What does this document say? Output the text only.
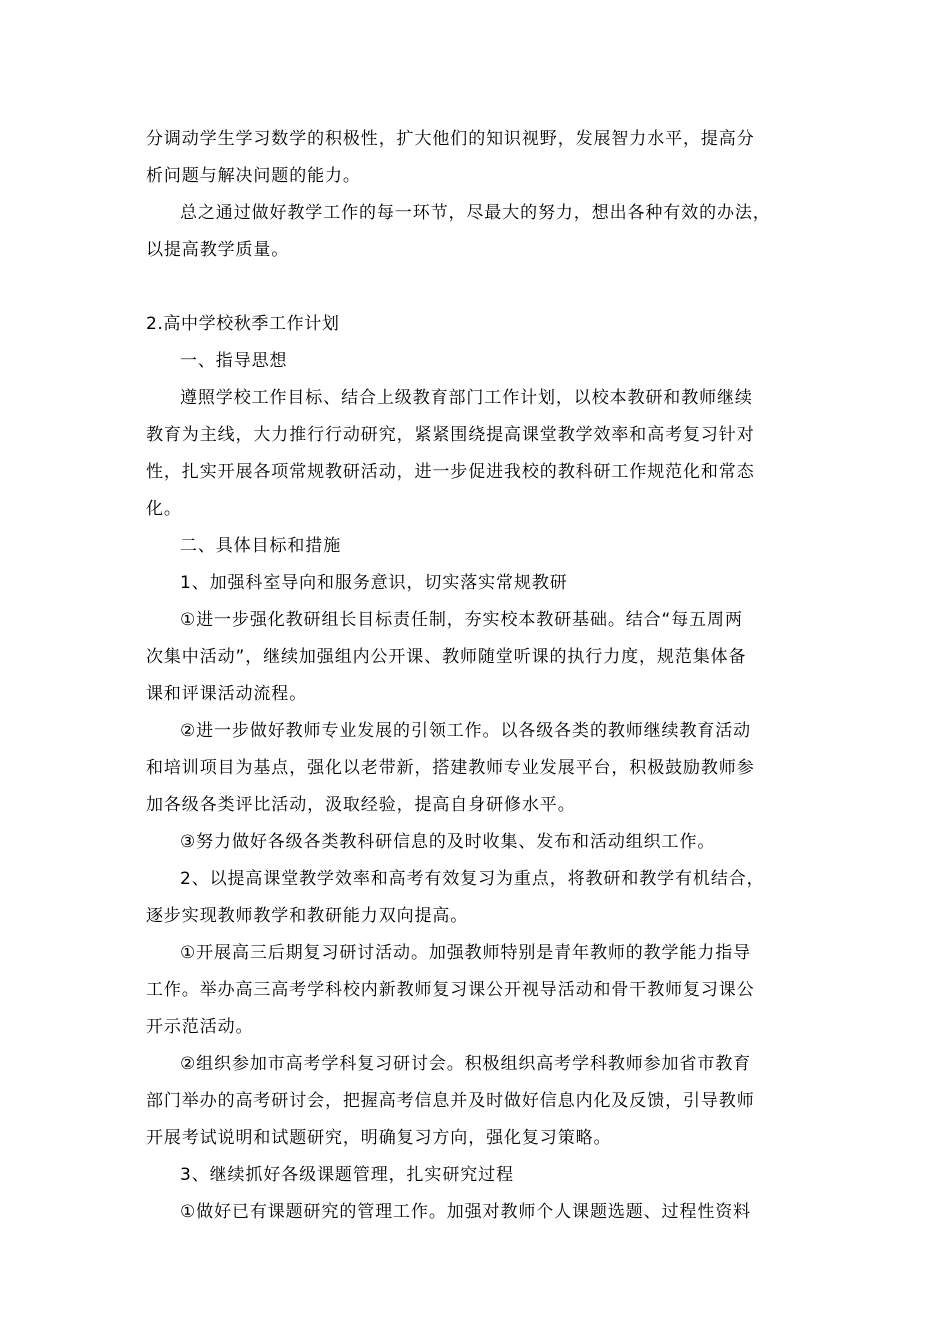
分调动学生学习数学的积极性，扩大他们的知识视野，发展智力水平，提高分
析问题与解决问题的能力。
总之通过做好教学工作的每一环节，尽最大的努力，想出各种有效的办法，
以提高教学质量。
2.高中学校秋季工作计划
一、指导思想
遵照学校工作目标、结合上级教育部门工作计划，以校本教研和教师继续
教育为主线，大力推行行动研究，紧紧围绕提高课堂教学效率和高考复习针对
性，扎实开展各项常规教研活动，进一步促进我校的教科研工作规范化和常态
化。
二、具体目标和措施
1、加强科室导向和服务意识，切实落实常规教研
①进一步强化教研组长目标责任制，夯实校本教研基础。结合“每五周两
次集中活动”，继续加强组内公开课、教师随堂听课的执行力度，规范集体备
课和评课活动流程。
②进一步做好教师专业发展的引领工作。以各级各类的教师继续教育活动
和培训项目为基点，强化以老带新，搭建教师专业发展平台，积极鼓励教师参
加各级各类评比活动，汲取经验，提高自身研修水平。
③努力做好各级各类教科研信息的及时收集、发布和活动组织工作。
2、以提高课堂教学效率和高考有效复习为重点，将教研和教学有机结合，
逐步实现教师教学和教研能力双向提高。
①开展高三后期复习研讨活动。加强教师特别是青年教师的教学能力指导
工作。举办高三高考学科校内新教师复习课公开视导活动和骨干教师复习课公
开示范活动。
②组织参加市高考学科复习研讨会。积极组织高考学科教师参加省市教育
部门举办的高考研讨会，把握高考信息并及时做好信息内化及反馈，引导教师
开展考试说明和试题研究，明确复习方向，强化复习策略。
3、继续抓好各级课题管理，扎实研究过程
①做好已有课题研究的管理工作。加强对教师个人课题选题、过程性资料
